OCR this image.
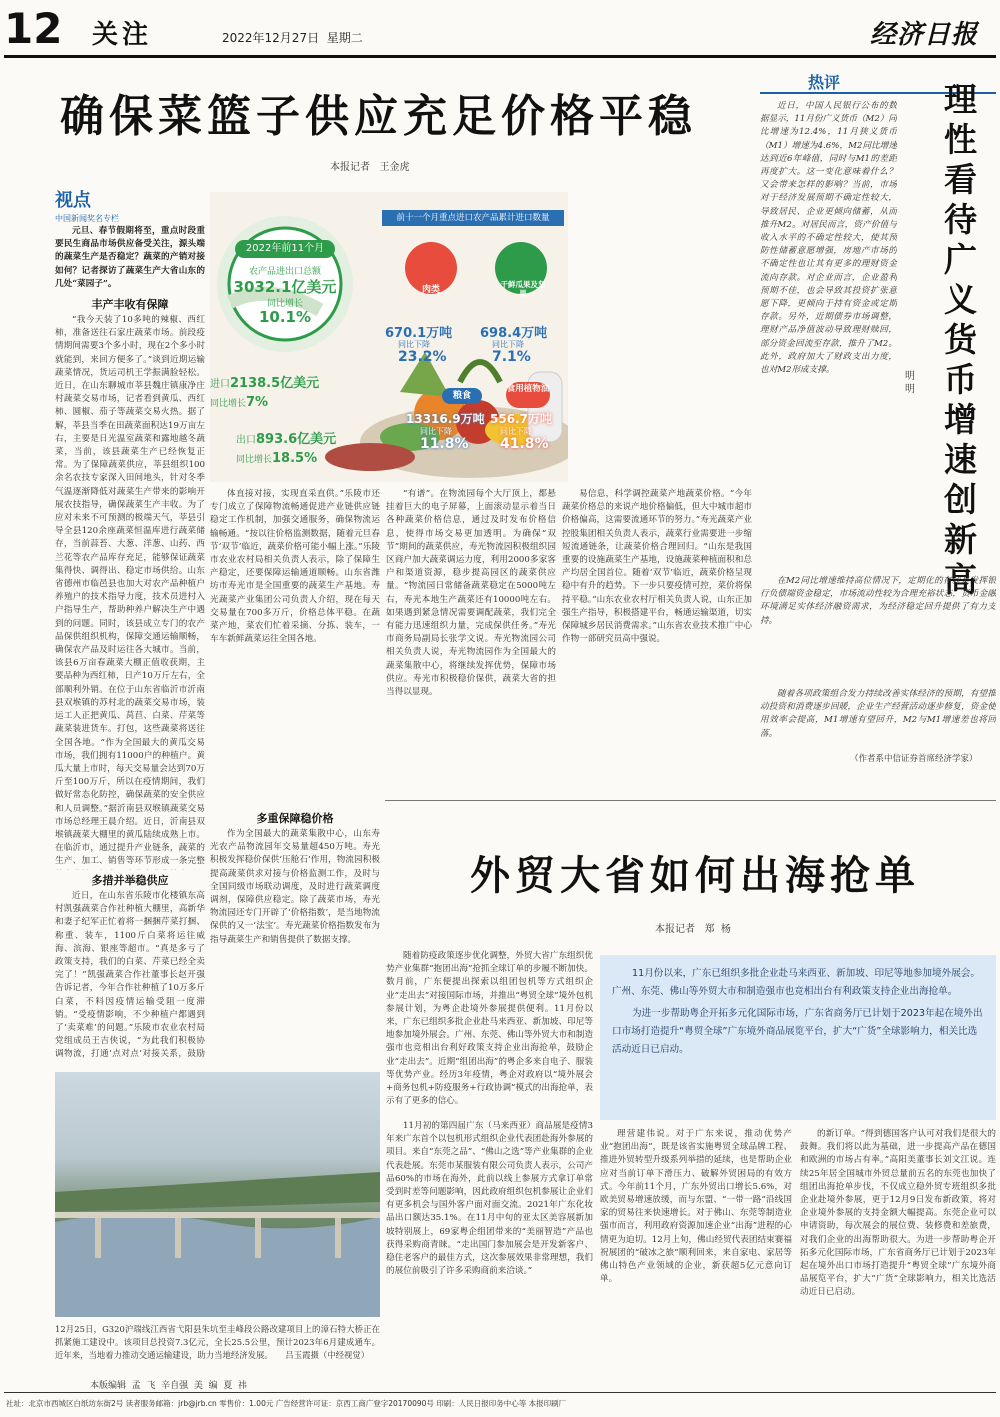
12 关注	2022年12月27日 星期二	经济日报
确保菜篮子供应充足价格平稳
本报记者   王金虎
视点
中国新闻奖名专栏
元旦、春节假期将至，重点时段重要民生商品市场供应备受关注，源头端的蔬菜生产是否稳定？蔬菜的产销对接如何？记者探访了蔬菜生产大省山东的几处“菜园子”。
丰产丰收有保障
“我今天装了10多吨的辣椒、西红柿，准备送往石家庄蔬菜市场。前段疫情期间需要3个多小时，现在2个多小时就能到，来回方便多了。”谈到近期运输蔬菜情况，货运司机王学振满脸轻松。近日，在山东聊城市莘县魏庄镇康净庄村蔬菜交易市场，记者看到黄瓜、西红柿、圆椒、茄子等蔬菜交易火热。据了解，莘县当季在田蔬菜面积达19万亩左右，主要是日光温室蔬菜和露地越冬蔬菜，当前，该县蔬菜生产已经恢复正常。为了保障蔬菜供应，莘县组织100余名农技专家深入田间地头，针对冬季气温逐渐降低对蔬菜生产带来的影响开展农技指导，确保蔬菜生产丰收。为了应对未来不可预测的极端天气，莘县引导全县120余座蔬菜恒温库进行蔬菜储存，当前蒜苔、大葱、洋葱、山药、西兰花等农产品库存充足，能够保证蔬菜集得快、调得出、稳定市场供给。山东省德州市临邑县也加大对农产品种植户养殖户的技术指导力度，技术员进村入户指导生产，帮助种养户解决生产中遇到的问题。同时，该县成立专门的农产品保供组织机构，保障交通运输顺畅，确保农产品及时运往各大城市。当前，该县6万亩春蔬菜大棚正值收获期，主要品种为西红柿，日产10万斤左右，全部顺利外销。在位于山东省临沂市沂南县双堠镇的苏村北的蔬菜交易市场，装运工人正把黄瓜、莴苣、白菜、芹菜等蔬菜装进货车。打包，这些蔬菜将送往全国各地。“作为全国最大的黄瓜交易市场，我们拥有11000户的种植户。黄瓜大量上市时，每天交易量会达到70万斤至100万斤，所以在疫情期间，我们做好常态化防控，确保蔬菜的安全供应和人员调整。”据沂南县双堠镇蔬菜交易市场总经理王晨介绍。近日，沂南县双堠镇蔬菜大棚里的黄瓜陆续成熟上市。在临沂市，通过提升产业链条，蔬菜的生产、加工、销售等环节形成一条完整
多措并举稳供应
近日，在山东省乐陵市化楼镇东高村凯强蔬菜合作社种植大棚里，高新华和妻子纪军正忙着将一捆捆芹菜打捆、称重、装车，1100斤白菜将运往威海、滨海、银座等超市。“真是多亏了政策支持，我们的白菜、芹菜已经全卖完了！”凯强蔬菜合作社董事长赵开强告诉记者，今年合作社种植了10万多斤白菜，不料因疫情运输受阻一度滞销。“受疫情影响，不少种植户都遇到了‘卖菜难’的问题。”乐陵市农业农村局党组成员王吉侠说，“为此我们积极协调物流，打通‘点对点’对接关系，鼓励
2022年前11个月
农产品进出口总额
3032.1亿美元
同比增长
10.1%
进口2138.5亿美元
同比增长7%
出口893.6亿美元
同比增长18.5%
前十一个月重点进口农产品累计进口数量
肉类
670.1万吨
同比下降
23.2%
干鲜瓜果及坚果
698.4万吨
同比下降
7.1%
粮食
13316.9万吨
同比下降
11.8%
食用植物油
556.7万吨
同比下降
41.8%
体直接对接，实现直采直供。”乐陵市还专门成立了保障物流畅通促进产业链供应链稳定工作机制，加强交通服务，确保物流运输畅通。“按以往价格监测数据，随着元旦春节‘双节’临近，蔬菜价格可能小幅上涨。”乐陵市农业农村局相关负责人表示，除了保障生产稳定，还要保障运输通道顺畅。山东省潍坊市寿光市是全国重要的蔬菜生产基地。寿光蔬菜产业集团公司负责人介绍，现在每天交易量在700多万斤，价格总体平稳。在蔬菜产地，菜农们忙着采摘、分拣、装车，一车车新鲜蔬菜运往全国各地。
“有谱”。在物流园每个大厅顶上，都悬挂着巨大的电子屏幕，上面滚动显示着当日各种蔬菜价格信息，通过及时发布价格信息，使得市场交易更加透明。为确保“双节”期间的蔬菜供应，寿光物流园积极组织园区商户加大蔬菜调运力度，利用2000多家客户和渠道资源，稳步提高园区的蔬菜供应量。“物流园日常储备蔬菜稳定在5000吨左右，寿光本地生产蔬菜还有10000吨左右。如果遇到紧急情况需要调配蔬菜，我们完全有能力迅速组织力量，完成保供任务。”寿光市商务局副局长张学文说。寿光物流园公司相关负责人说，寿光物流园作为全国最大的蔬菜集散中心，将继续发挥优势，保障市场供应。寿光市积极稳价保供，蔬菜大省的担当得以显现。
易信息，科学调控蔬菜产地蔬菜价格。“今年蔬菜价格总的来说产地价格偏低，但大中城市超市价格偏高，这需要流通环节的努力。”寿光蔬菜产业控股集团相关负责人表示，蔬菜行业需要进一步缩短流通链条，让蔬菜价格合理回归。“山东是我国重要的设施蔬菜生产基地，设施蔬菜种植面积和总产均居全国首位。随着‘双节’临近，蔬菜价格呈现稳中有升的趋势。下一步只要疫情可控，菜价将保持平稳。”山东农业农村厅相关负责人说，山东正加强生产指导，积极搭建平台，畅通运输渠道，切实保障城乡居民消费需求。”山东省农业技术推广中心作物一部研究员高中强说。
多重保障稳价格
作为全国最大的蔬菜集散中心，山东寿光农产品物流园年交易量超450万吨。寿光积极发挥稳价保供‘压舱石’作用，物流园积极提高蔬菜供求对接与价格监测工作，及时与全国同级市场联动调度，及时进行蔬菜调度调剂，保障供应稳定。除了蔬菜市场，寿光物流园还专门开辟了‘价格指数’，是当地物流保供的又一‘法宝’。寿光蔬菜价格指数发布为指导蔬菜生产和销售提供了数据支撑。
12月25日，G320沪瑞线江西省弋阳县朱坑至圭峰段公路改建项目上的漳石特大桥正在抓紧施工建设中。该项目总投资7.3亿元，全长25.5公里，预计2023年6月建成通车。近年来，当地着力推动交通运输建设，助力当地经济发展。 吕玉霞摄（中经视觉）
热评	理性看待广义货币增速创新高
明 明
近日，中国人民银行公布的数据显示，11月份广义货币（M2）同比增速为12.4%，11月狭义货币（M1）增速为4.6%，M2同比增速达到近6年峰值，同时与M1的差距再度扩大。这一变化意味着什么？又会带来怎样的影响？当前，市场对于经济发展预期不确定性较大，导致居民、企业更倾向储蓄，从而推升M2。对居民而言，资产价值与收入水平的不确定性较大，使其预防性储蓄意愿增强，房地产市场的不确定性也让其有更多的理财资金流向存款。对企业而言，企业盈利预期不佳，也会导致其投资扩张意愿下降，更倾向于持有资金或定期存款。另外，近期债券市场调整，理财产品净值波动导致理财赎回，部分资金回流至存款，推升了M2。此外，政府加大了财政支出力度，也对M2形成支撑。
在M2同比增速维持高位情况下，定期化的存款是发挥银行负债端资金稳定，市场流动性较为合理充裕状态，货币金融环境满足实体经济融资需求，为经济稳定回升提供了有力支持。
随着各项政策组合发力持续改善实体经济的预期，有望推动投资和消费逐步回暖，企业生产经营活动逐步修复，资金使用效率会提高，M1增速有望回升，M2与M1增速差也将回落。
（作者系中信证券首席经济学家）
外贸大省如何出海抢单
本报记者   郑  杨
随着防疫政策逐步优化调整，外贸大省广东组织优势产业集群“抱团出海”抢抓全球订单的步履不断加快。数月前，广东便提出探索以组团包机等方式组织企业“走出去”对接国际市场，并推出“粤贸全球”境外包机参展计划，为粤企赴境外参展提供便利。11月份以来，广东已组织多批企业赴马来西亚、新加坡、印尼等地参加境外展会。广州、东莞、佛山等外贸大市和制造强市也竞相出台利好政策支持企业出海抢单，鼓励企业“走出去”。近期“组团出海”的粤企多来自电子、服装等优势产业。经历3年疫情，粤企对政府以“境外展会+商务包机+防疫服务+行政协调”模式的出海抢单，表示有了更多的信心。
11月初的第四届广东（马来西亚）商品展是疫情3年来广东首个以包机形式组织企业代表团赴海外参展的项目。来自“东莞之品”、“佛山之选”等产业集群的企业代表赴展。东莞市某服装有限公司负责人表示，公司产品60%的市场在海外，此前以线上参展方式拿订单常受到时差等问题影响，因此政府组织包机参展让企业们有更多机会与国外客户面对面交流。2021年广东化妆品出口额达35.1%。在11月中旬的亚太区美容展新加坡特别展上，69家粤企组团带来的“美丽智造”产品也获得采购商青睐。“走出国门参加展会是开发新客户、稳住老客户的最佳方式，这次参展效果非常理想，我们的展位前吸引了许多采购商前来洽谈。”
11月份以来，广东已组织多批企业赴马来西亚、新加坡、印尼等地参加境外展会。广州、东莞、佛山等外贸大市和制造强市也竞相出台有利政策支持企业出海抢单。
为进一步帮助粤企开拓多元化国际市场，广东省商务厅已计划于2023年起在境外出口市场打造提升“粤贸全球”广东境外商品展览平台，扩大“广货”全球影响力，相关比选活动近日已启动。
理营建伟说。对于广东来说，推动优势产业“抱团出海”，既是该省实施粤贸全球品牌工程、推进外贸转型升级系列举措的延续，也是帮助企业应对当前订单下滑压力、破解外贸困局的有效方式。今年前11个月，广东外贸出口增长5.6%，对欧美贸易增速放缓，而与东盟、“一带一路”沿线国家的贸易往来快速增长。对于佛山、东莞等制造业强市而言，利用政府资源加速企业“出海”进程的心情更为迫切。12月上旬，佛山经贸代表团结束赛福祝展团的“破冰之旅”顺利回来，来自家电、家居等佛山特色产业领域的企业，新获超5亿元意向订单。
的新订单。“得到德国客户认可对我们是很大的鼓舞。我们将以此为基础，进一步提高产品在德国和欧洲的市场占有率。”高阳美董事长刘文江说。连续25年居全国城市外贸总量前五名的东莞也加快了组团出海抢单步伐，不仅成立稳外贸专班组织多批企业赴境外参展，更于12月9日发布新政策，将对企业境外参展的支持金额大幅提高。东莞企业可以申请资助，每次展会的展位费、装修费和差旅费，对我们企业的出海帮助很大。为进一步帮助粤企开拓多元化国际市场，广东省商务厅已计划于2023年起在境外出口市场打造提升“粤贸全球”广东境外商品展览平台，扩大“广货”全球影响力，相关比选活动近日已启动。
本版编辑  孟  飞  辛自强  美  编  夏  祎
社址：北京市西城区白纸坊东街2号 读者服务邮箱：jrb@jrb.cn 零售价：1.00元 广告经营许可证：京西工商广登字20170090号 印刷：人民日报印务中心等 本报印刷厂
